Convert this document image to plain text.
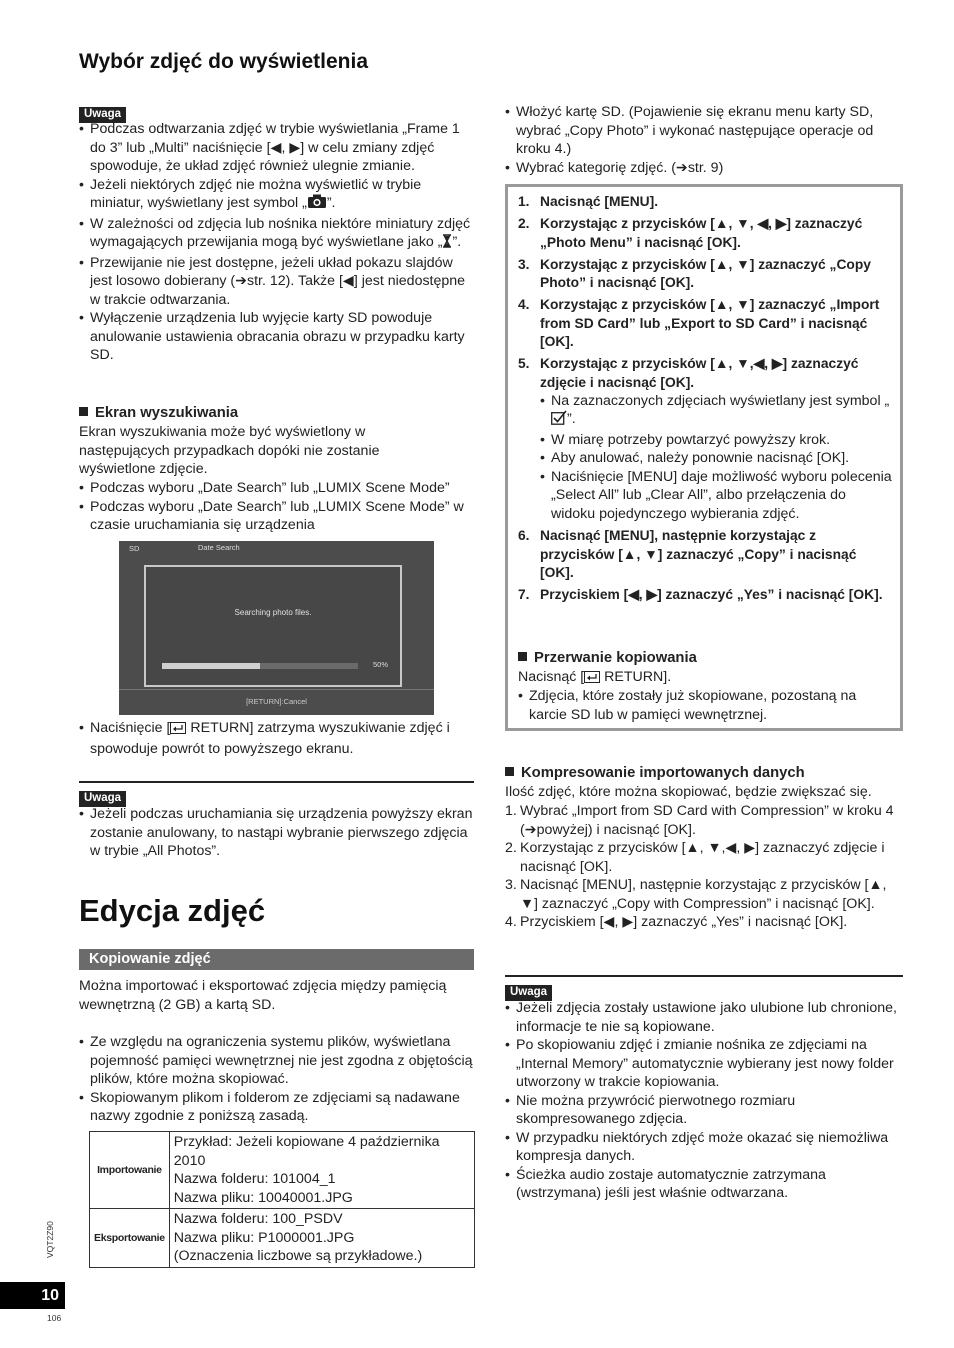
Wybór zdjęć do wyświetlenia
Uwaga
• Podczas odtwarzania zdjęć w trybie wyświetlania „Frame 1 do 3” lub „Multi” naciśnięcie [◀, ▶] w celu zmiany zdjęć spowoduje, że układ zdjęć również ulegnie zmianie.
• Jeżeli niektórych zdjęć nie można wyświetlić w trybie miniatur, wyświetlany jest symbol „ ”.
• W zależności od zdjęcia lub nośnika niektóre miniatury zdjęć wymagających przewijania mogą być wyświetlane jako „ ”.
• Przewijanie nie jest dostępne, jeżeli układ pokazu slajdów jest losowo dobierany (➔str. 12). Także [◀] jest niedostępne w trakcie odtwarzania.
• Wyłączenie urządzenia lub wyjęcie karty SD powoduje anulowanie ustawienia obracania obrazu w przypadku karty SD.
Ekran wyszukiwania
Ekran wyszukiwania może być wyświetlony w następujących przypadkach dopóki nie zostanie wyświetlone zdjęcie.
• Podczas wyboru „Date Search” lub „LUMIX Scene Mode”
• Podczas wyboru „Date Search” lub „LUMIX Scene Mode” w czasie uruchamiania się urządzenia
SD	Date Search
Searching photo files.
50%
[RETURN]:Cancel
• Naciśnięcie [ RETURN] zatrzyma wyszukiwanie zdjęć i spowoduje powrót to powyższego ekranu.
Uwaga
• Jeżeli podczas uruchamiania się urządzenia powyższy ekran zostanie anulowany, to nastąpi wybranie pierwszego zdjęcia w trybie „All Photos”.
Edycja zdjęć
Kopiowanie zdjęć
Można importować i eksportować zdjęcia między pamięcią wewnętrzną (2 GB) a kartą SD.
• Ze względu na ograniczenia systemu plików, wyświetlana pojemność pamięci wewnętrznej nie jest zgodna z objętością plików, które można skopiować.
• Skopiowanym plikom i folderom ze zdjęciami są nadawane nazwy zgodnie z poniższą zasadą.
Importowanie	Przykład: Jeżeli kopiowane 4 października 2010
Nazwa folderu: 101004_1
Nazwa pliku: 10040001.JPG

Eksportowanie	Nazwa folderu: 100_PSDV
Nazwa pliku: P1000001.JPG
(Oznaczenia liczbowe są przykładowe.)
• Włożyć kartę SD. (Pojawienie się ekranu menu karty SD, wybrać „Copy Photo” i wykonać następujące operacje od kroku 4.)
• Wybrać kategorię zdjęć. (➔str. 9)
1. Nacisnąć [MENU].
2. Korzystając z przycisków [▲, ▼, ◀, ▶] zaznaczyć „Photo Menu” i nacisnąć [OK].
3. Korzystając z przycisków [▲, ▼] zaznaczyć „Copy Photo” i nacisnąć [OK].
4. Korzystając z przycisków [▲, ▼] zaznaczyć „Import from SD Card” lub „Export to SD Card” i nacisnąć [OK].
5. Korzystając z przycisków [▲, ▼,◀, ▶] zaznaczyć zdjęcie i nacisnąć [OK].
• Na zaznaczonych zdjęciach wyświetlany jest symbol „”.
• W miarę potrzeby powtarzyć powyższy krok.
• Aby anulować, należy ponownie nacisnąć [OK].
• Naciśnięcie [MENU] daje możliwość wyboru polecenia „Select All” lub „Clear All”, albo przełączenia do widoku pojedynczego wybierania zdjęć.
6. Nacisnąć [MENU], następnie korzystając z przycisków [▲, ▼] zaznaczyć „Copy” i nacisnąć [OK].
7. Przyciskiem [◀, ▶] zaznaczyć „Yes” i nacisnąć [OK].
Przerwanie kopiowania
Nacisnąć [ RETURN].
• Zdjęcia, które zostały już skopiowane, pozostaną na karcie SD lub w pamięci wewnętrznej.
Kompresowanie importowanych danych
Ilość zdjęć, które można skopiować, będzie zwiększać się.
1. Wybrać „Import from SD Card with Compression” w kroku 4 (➔powyżej) i nacisnąć [OK].
2. Korzystając z przycisków [▲, ▼,◀, ▶] zaznaczyć zdjęcie i nacisnąć [OK].
3. Nacisnąć [MENU], następnie korzystając z przycisków [▲, ▼] zaznaczyć „Copy with Compression” i nacisnąć [OK].
4. Przyciskiem [◀, ▶] zaznaczyć „Yes” i nacisnąć [OK].
Uwaga
• Jeżeli zdjęcia zostały ustawione jako ulubione lub chronione, informacje te nie są kopiowane.
• Po skopiowaniu zdjęć i zmianie nośnika ze zdjęciami na „Internal Memory” automatycznie wybierany jest nowy folder utworzony w trakcie kopiowania.
• Nie można przywrócić pierwotnego rozmiaru skompresowanego zdjęcia.
• W przypadku niektórych zdjęć może okazać się niemożliwa kompresja danych.
• Ścieżka audio zostaje automatycznie zatrzymana (wstrzymana) jeśli jest właśnie odtwarzana.
VQT2Z90
10
106
